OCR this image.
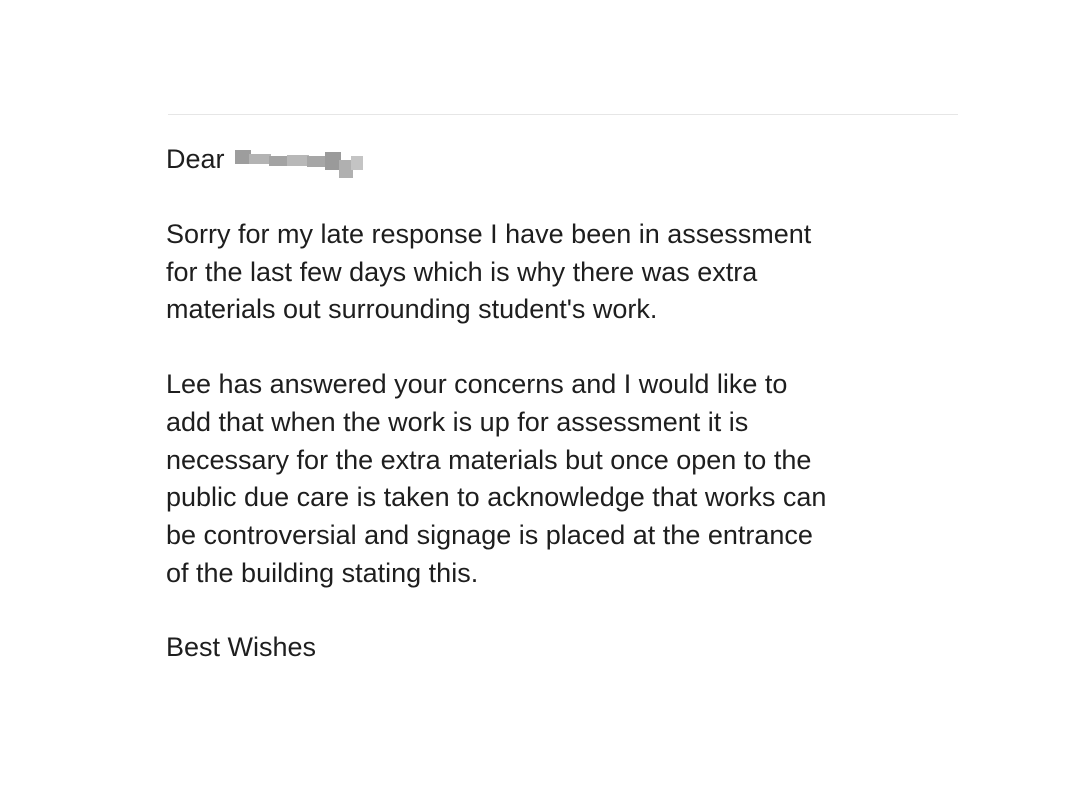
Dear

Sorry for my late response I have been in assessment
for the last few days which is why there was extra
materials out surrounding student's work.

Lee has answered your concerns and I would like to
add that when the work is up for assessment it is
necessary for the extra materials but once open to the
public due care is taken to acknowledge that works can
be controversial and signage is placed at the entrance
of the building stating this.

Best Wishes
